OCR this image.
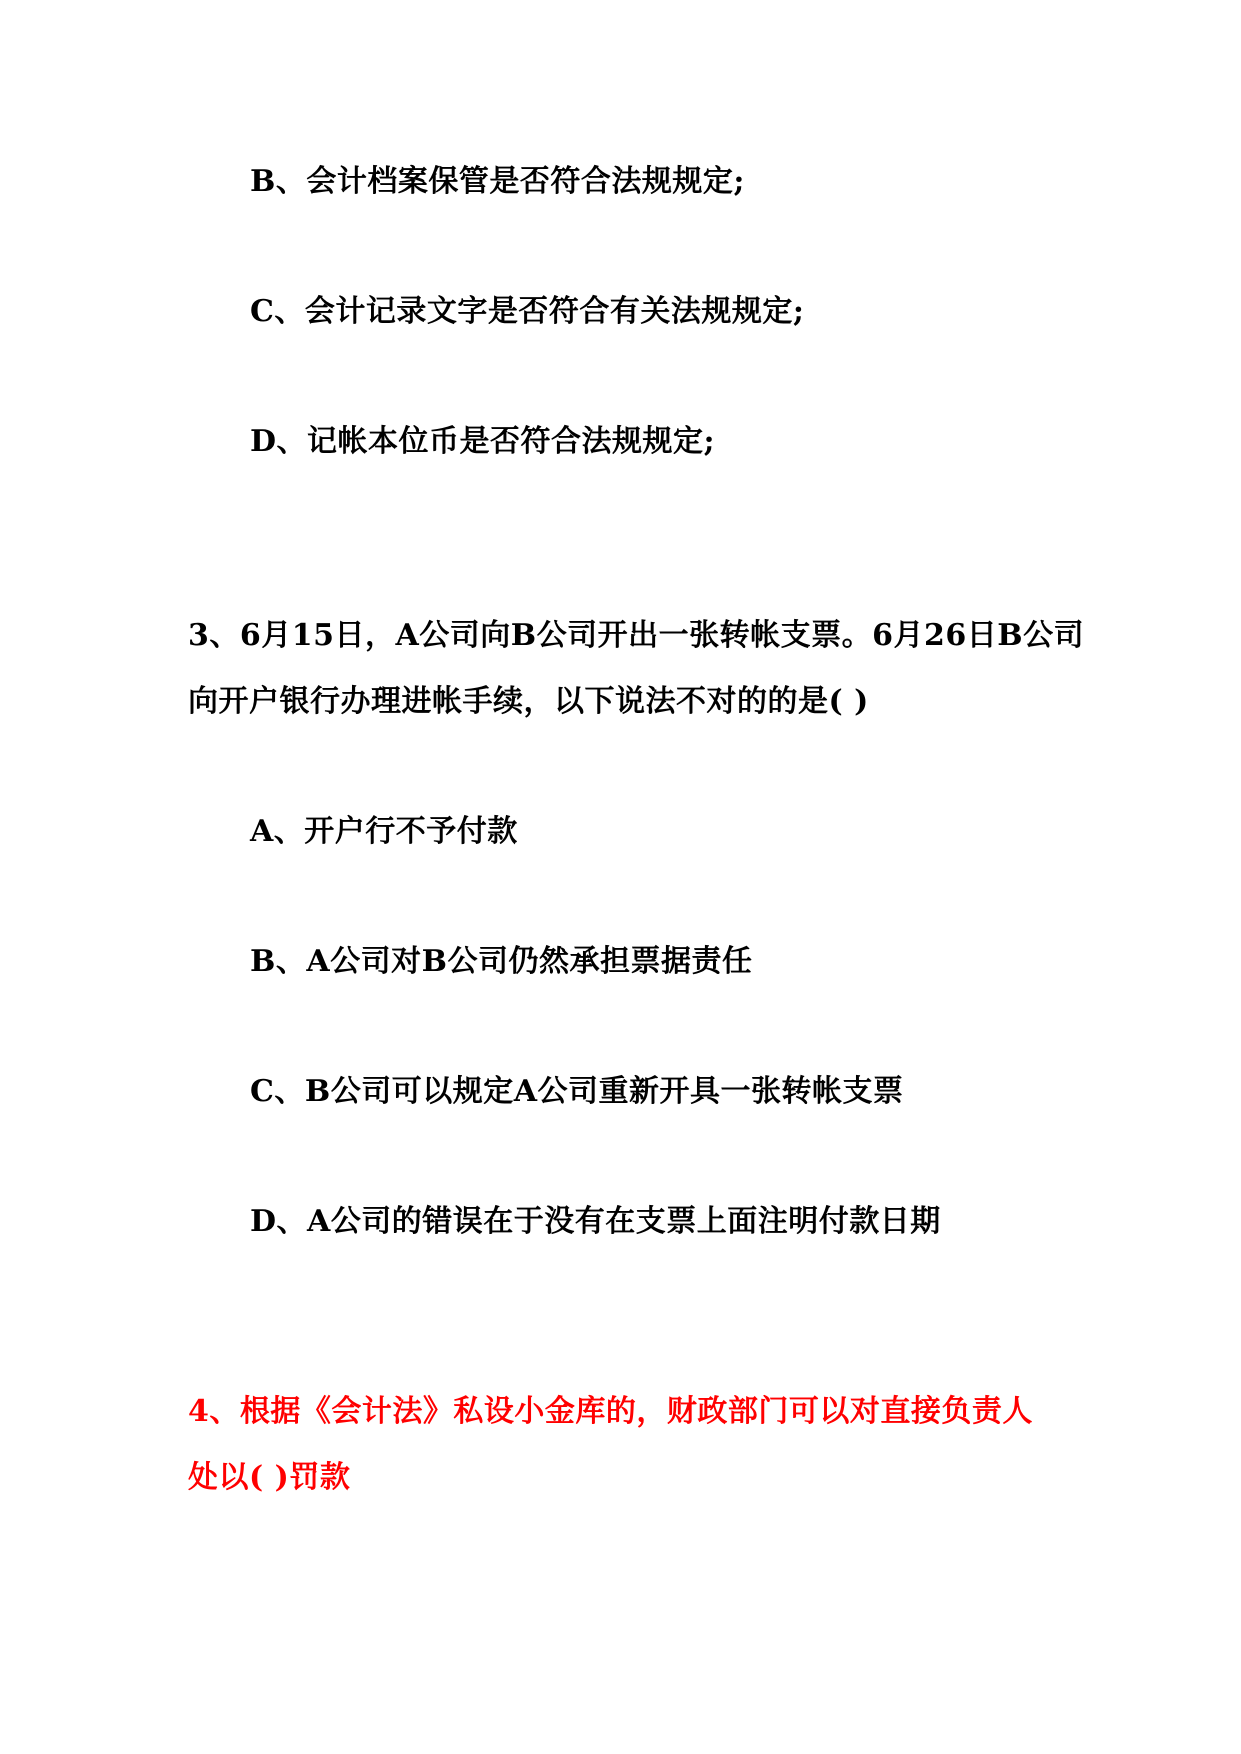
B、会计档案保管是否符合法规规定;
C、会计记录文字是否符合有关法规规定;
D、记帐本位币是否符合法规规定;
3、6月15日，A公司向B公司开出一张转帐支票。6月26日B公司
向开户银行办理进帐手续，以下说法不对的的是( )
A、开户行不予付款
B、A公司对B公司仍然承担票据责任
C、B公司可以规定A公司重新开具一张转帐支票
D、A公司的错误在于没有在支票上面注明付款日期
4、根据《会计法》私设小金库的，财政部门可以对直接负责人
处以( )罚款
